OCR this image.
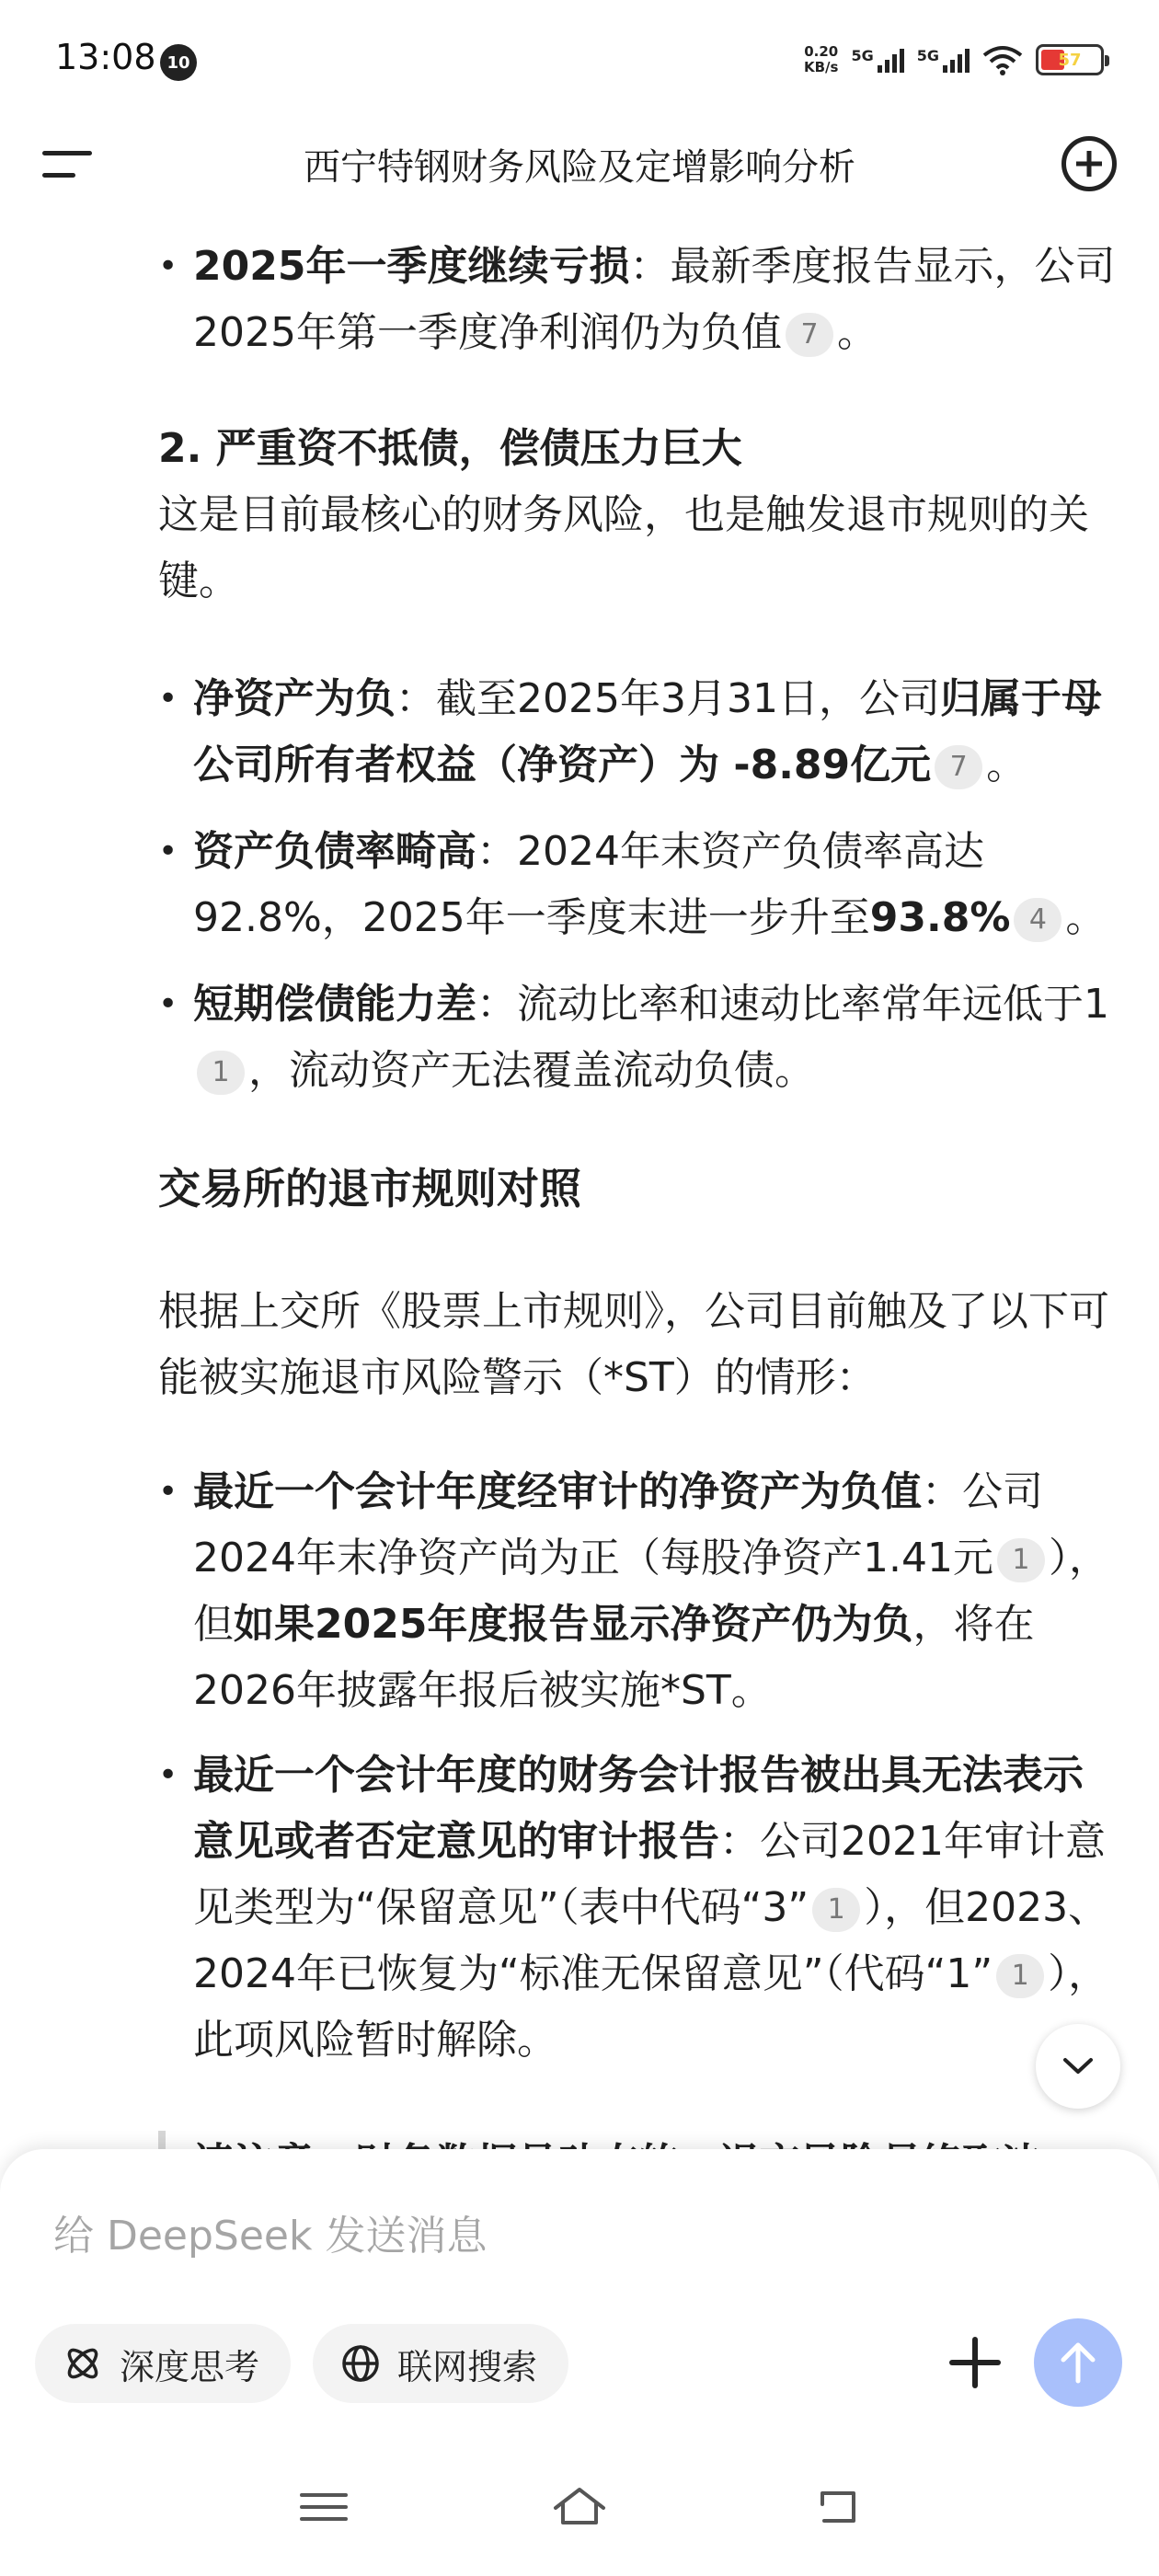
13:08 10
0.20
KB/s
5G	5G	57
西宁特钢财务风险及定增影响分析
• 2025年一季度继续亏损：最新季度报告显示，公司2025年第一季度净利润仍为负值 7 。
2. 严重资不抵债，偿债压力巨大
这是目前最核心的财务风险，也是触发退市规则的关键。
• 净资产为负：截至2025年3月31日，公司归属于母公司所有者权益（净资产）为 -8.89亿元 7 。
• 资产负债率畸高：2024年末资产负债率高达92.8%，2025年一季度末进一步升至93.8% 4 。
• 短期偿债能力差：流动比率和速动比率常年远低于11 ，流动资产无法覆盖流动负债。
交易所的退市规则对照
根据上交所《股票上市规则》，公司目前触及了以下可能被实施退市风险警示（*ST）的情形：
• 最近一个会计年度经审计的净资产为负值：公司2024年末净资产尚为正（每股净资产1.41元 1 ），但如果2025年度报告显示净资产仍为负，将在2026年披露年报后被实施*ST。
• 最近一个会计年度的财务会计报告被出具无法表示意见或者否定意见的审计报告：公司2021年审计意见类型为“保留意见”（表中代码“3” 1 ），但2023、2024年已恢复为“标准无保留意见”（代码“1” 1 ），此项风险暂时解除。
给 DeepSeek 发送消息
深度思考	联网搜索
